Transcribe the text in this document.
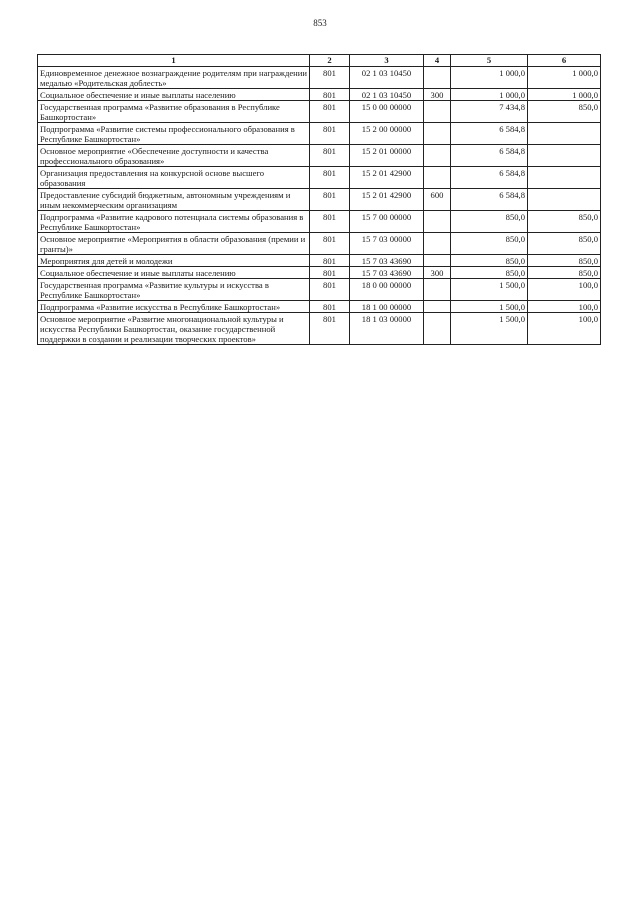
853
1	2	3	4	5	6
Единовременное денежное вознаграждение родителям при награждении медалью «Родительская доблесть»	801	02 1 03 10450		1 000,0	1 000,0
Социальное обеспечение и иные выплаты населению	801	02 1 03 10450	300	1 000,0	1 000,0
Государственная программа «Развитие образования в Республике Башкортостан»	801	15 0 00 00000		7 434,8	850,0
Подпрограмма «Развитие системы профессионального образования в Республике Башкортостан»	801	15 2 00 00000		6 584,8	
Основное мероприятие «Обеспечение доступности и качества профессионального образования»	801	15 2 01 00000		6 584,8	
Организация предоставления на конкурсной основе высшего образования	801	15 2 01 42900		6 584,8	
Предоставление субсидий бюджетным, автономным учреждениям и иным некоммерческим организациям	801	15 2 01 42900	600	6 584,8	
Подпрограмма «Развитие кадрового потенциала системы образования в Республике Башкортостан»	801	15 7 00 00000		850,0	850,0
Основное мероприятие «Мероприятия в области образования (премии и гранты)»	801	15 7 03 00000		850,0	850,0
Мероприятия для детей и молодежи	801	15 7 03 43690		850,0	850,0
Социальное обеспечение и иные выплаты населению	801	15 7 03 43690	300	850,0	850,0
Государственная программа «Развитие культуры и искусства в Республике Башкортостан»	801	18 0 00 00000		1 500,0	100,0
Подпрограмма «Развитие искусства в Республике Башкортостан»	801	18 1 00 00000		1 500,0	100,0
Основное мероприятие «Развитие многонациональной культуры и искусства Республики Башкортостан, оказание государственной поддержки в создании и реализации творческих проектов»	801	18 1 03 00000		1 500,0	100,0
